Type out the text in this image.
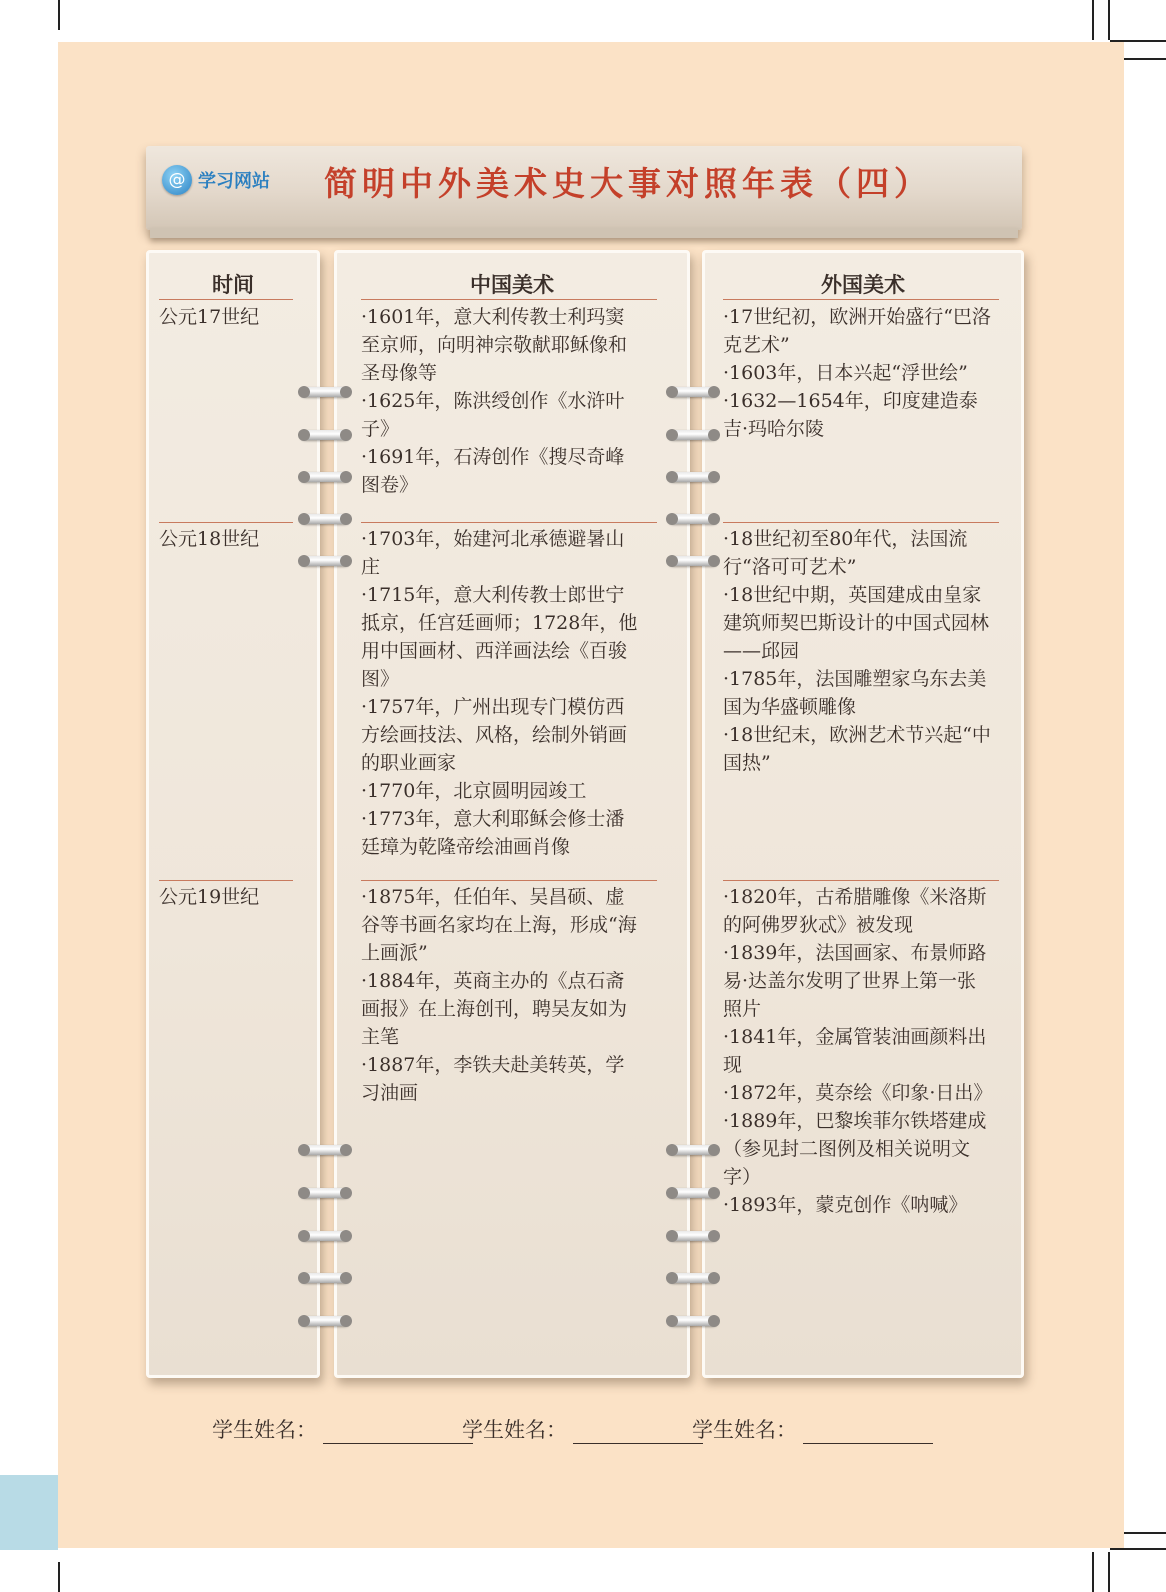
@ 学习网站 简明中外美术史大事对照年表（四）
时间
公元17世纪
公元18世纪
公元19世纪
中国美术

·1601年，意大利传教士利玛窦至京师，向明神宗敬献耶稣像和圣母像等

·1625年，陈洪绶创作《水浒叶子》

·1691年，石涛创作《搜尽奇峰图卷》

·1703年，始建河北承德避暑山庄

·1715年，意大利传教士郎世宁抵京，任宫廷画师；1728年，他用中国画材、西洋画法绘《百骏图》

·1757年，广州出现专门模仿西方绘画技法、风格，绘制外销画的职业画家

·1770年，北京圆明园竣工

·1773年，意大利耶稣会修士潘廷璋为乾隆帝绘油画肖像

·1875年，任伯年、吴昌硕、虚谷等书画名家均在上海，形成“海上画派”

·1884年，英商主办的《点石斋画报》在上海创刊，聘吴友如为主笔

·1887年，李铁夫赴美转英，学习油画

外国美术

·17世纪初，欧洲开始盛行“巴洛克艺术”

·1603年，日本兴起“浮世绘”

·1632—1654年，印度建造泰吉·玛哈尔陵

·18世纪初至80年代，法国流行“洛可可艺术”

·18世纪中期，英国建成由皇家建筑师契巴斯设计的中国式园林——邱园

·1785年，法国雕塑家乌东去美国为华盛顿雕像

·18世纪末，欧洲艺术节兴起“中国热”

·1820年，古希腊雕像《米洛斯的阿佛罗狄忒》被发现

·1839年，法国画家、布景师路易·达盖尔发明了世界上第一张照片

·1841年，金属管装油画颜料出现

·1872年，莫奈绘《印象·日出》

·1889年，巴黎埃菲尔铁塔建成（参见封二图例及相关说明文字）

·1893年，蒙克创作《呐喊》

学生姓名：	学生姓名：	学生姓名：
